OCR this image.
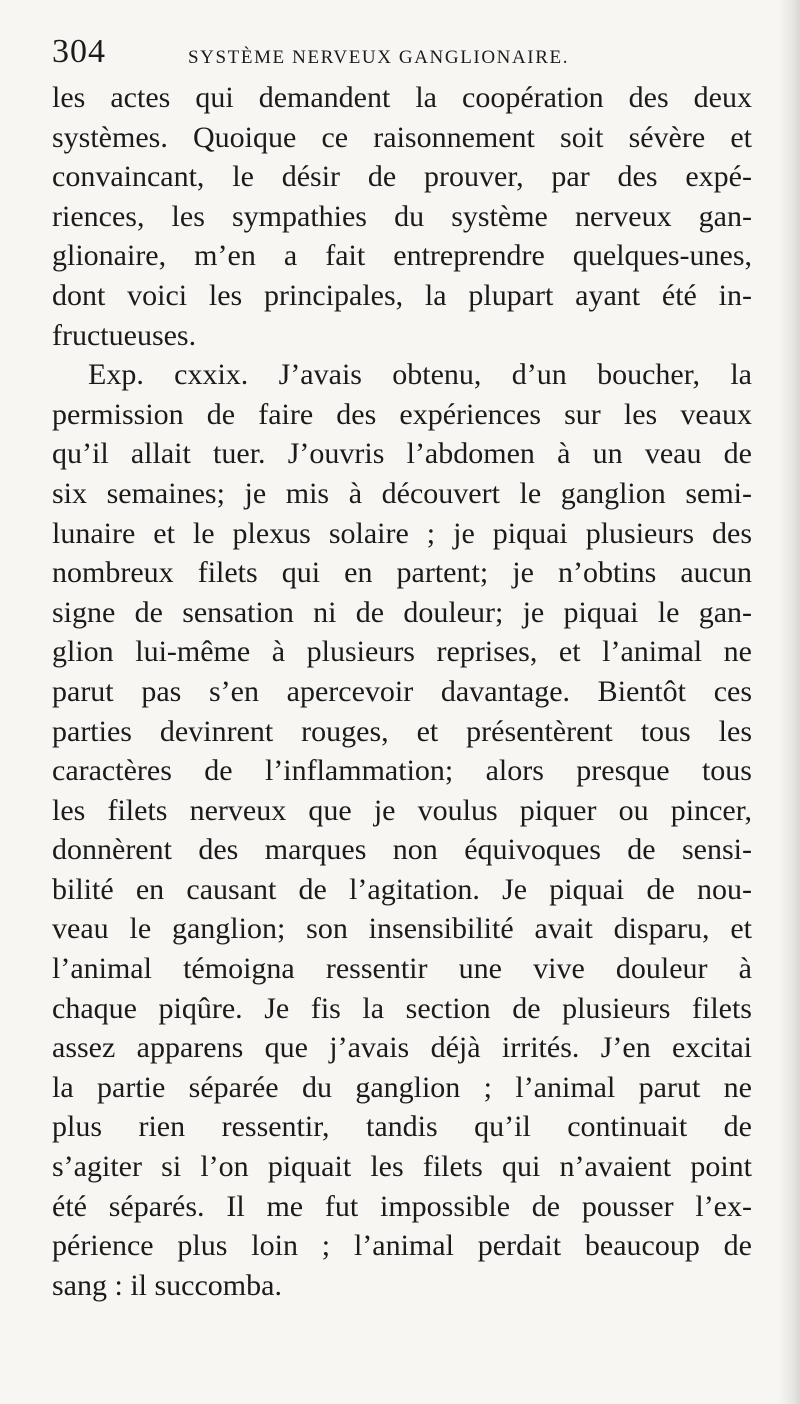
304	SYSTÈME NERVEUX GANGLIONAIRE.
les actes qui demandent la coopération des deux
systèmes. Quoique ce raisonnement soit sévère et
convaincant, le désir de prouver, par des expé-
riences, les sympathies du système nerveux gan-
glionaire, m’en a fait entreprendre quelques-unes,
dont voici les principales, la plupart ayant été in-
fructueuses.
Exp. cxxix. J’avais obtenu, d’un boucher, la
permission de faire des expériences sur les veaux
qu’il allait tuer. J’ouvris l’abdomen à un veau de
six semaines; je mis à découvert le ganglion semi-
lunaire et le plexus solaire ; je piquai plusieurs des
nombreux filets qui en partent; je n’obtins aucun
signe de sensation ni de douleur; je piquai le gan-
glion lui-même à plusieurs reprises, et l’animal ne
parut pas s’en apercevoir davantage. Bientôt ces
parties devinrent rouges, et présentèrent tous les
caractères de l’inflammation; alors presque tous
les filets nerveux que je voulus piquer ou pincer,
donnèrent des marques non équivoques de sensi-
bilité en causant de l’agitation. Je piquai de nou-
veau le ganglion; son insensibilité avait disparu, et
l’animal témoigna ressentir une vive douleur à
chaque piqûre. Je fis la section de plusieurs filets
assez apparens que j’avais déjà irrités. J’en excitai
la partie séparée du ganglion ; l’animal parut ne
plus rien ressentir, tandis qu’il continuait de
s’agiter si l’on piquait les filets qui n’avaient point
été séparés. Il me fut impossible de pousser l’ex-
périence plus loin ; l’animal perdait beaucoup de
sang : il succomba.
